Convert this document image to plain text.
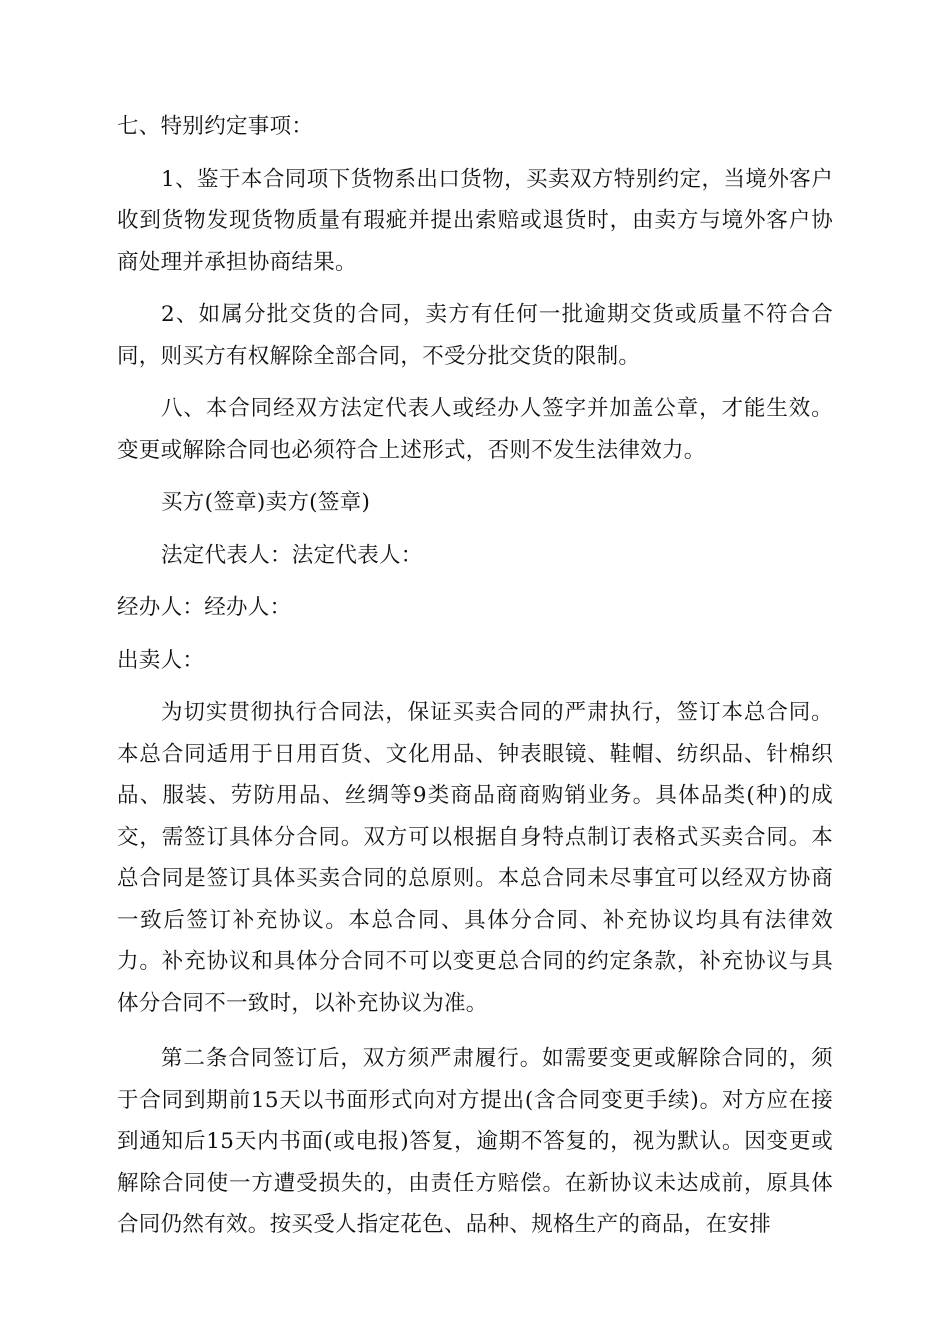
七、特别约定事项：

1、鉴于本合同项下货物系出口货物，买卖双方特别约定，当境外客户收到货物发现货物质量有瑕疵并提出索赔或退货时，由卖方与境外客户协商处理并承担协商结果。

2、如属分批交货的合同，卖方有任何一批逾期交货或质量不符合合同，则买方有权解除全部合同，不受分批交货的限制。

八、本合同经双方法定代表人或经办人签字并加盖公章，才能生效。变更或解除合同也必须符合上述形式，否则不发生法律效力。

买方(签章)卖方(签章)

法定代表人：法定代表人：

经办人：经办人：

出卖人：

为切实贯彻执行合同法，保证买卖合同的严肃执行，签订本总合同。本总合同适用于日用百货、文化用品、钟表眼镜、鞋帽、纺织品、针棉织品、服装、劳防用品、丝绸等9类商品商商购销业务。具体品类(种)的成交，需签订具体分合同。双方可以根据自身特点制订表格式买卖合同。本总合同是签订具体买卖合同的总原则。本总合同未尽事宜可以经双方协商一致后签订补充协议。本总合同、具体分合同、补充协议均具有法律效力。补充协议和具体分合同不可以变更总合同的约定条款，补充协议与具体分合同不一致时，以补充协议为准。

第二条合同签订后，双方须严肃履行。如需要变更或解除合同的，须于合同到期前15天以书面形式向对方提出(含合同变更手续)。对方应在接到通知后15天内书面(或电报)答复，逾期不答复的，视为默认。因变更或解除合同使一方遭受损失的，由责任方赔偿。在新协议未达成前，原具体合同仍然有效。按买受人指定花色、品种、规格生产的商品，在安排
